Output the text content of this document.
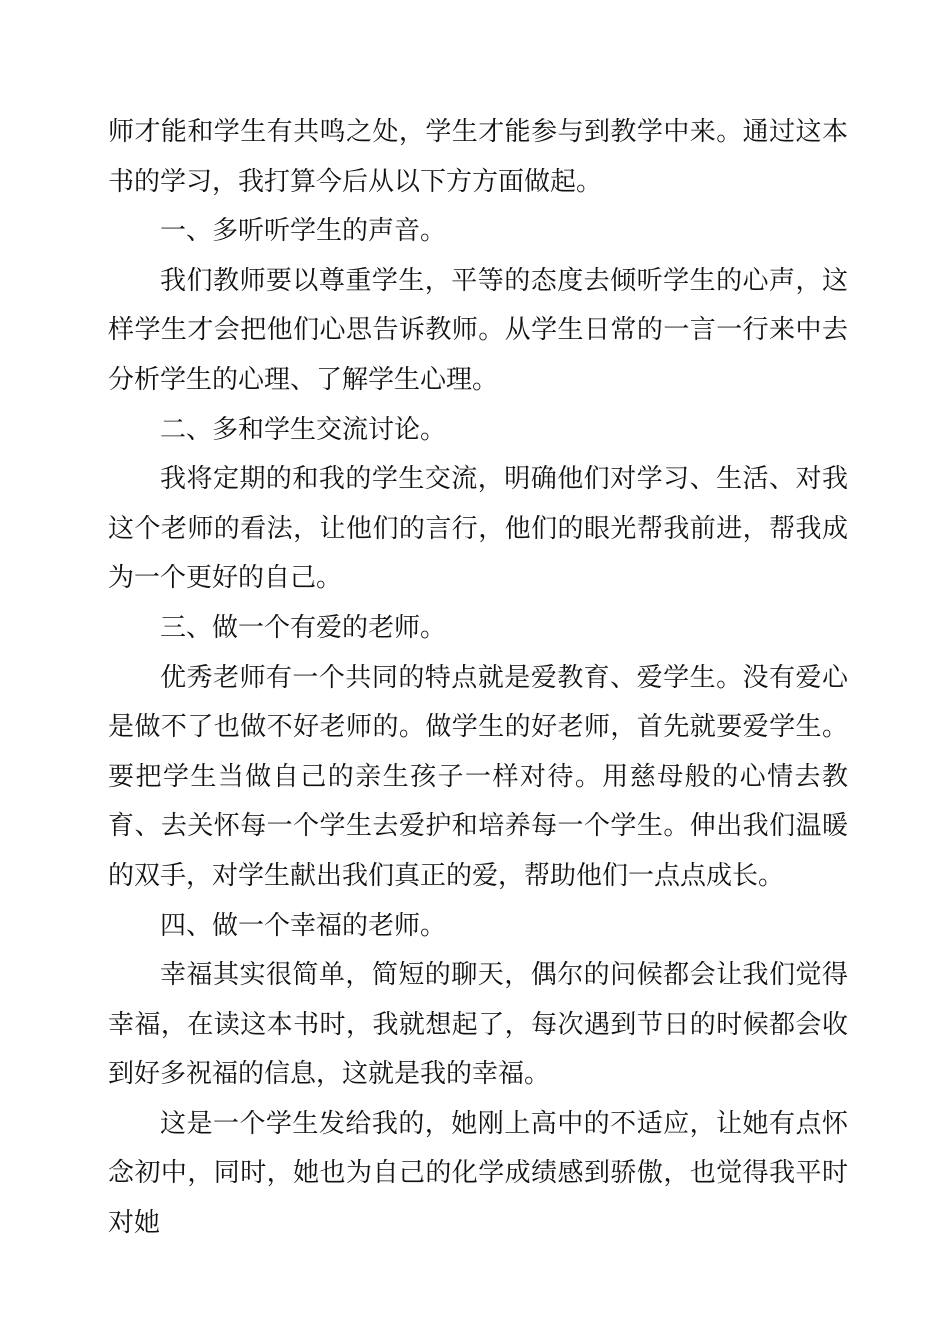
师才能和学生有共鸣之处，学生才能参与到教学中来。通过这本书的学习，我打算今后从以下方方面做起。

一、多听听学生的声音。

我们教师要以尊重学生，平等的态度去倾听学生的心声，这样学生才会把他们心思告诉教师。从学生日常的一言一行来中去分析学生的心理、了解学生心理。

二、多和学生交流讨论。

我将定期的和我的学生交流，明确他们对学习、生活、对我这个老师的看法，让他们的言行，他们的眼光帮我前进，帮我成为一个更好的自己。

三、做一个有爱的老师。

优秀老师有一个共同的特点就是爱教育、爱学生。没有爱心是做不了也做不好老师的。做学生的好老师，首先就要爱学生。要把学生当做自己的亲生孩子一样对待。用慈母般的心情去教育、去关怀每一个学生去爱护和培养每一个学生。伸出我们温暖的双手，对学生献出我们真正的爱，帮助他们一点点成长。

四、做一个幸福的老师。

幸福其实很简单，简短的聊天，偶尔的问候都会让我们觉得幸福，在读这本书时，我就想起了，每次遇到节日的时候都会收到好多祝福的信息，这就是我的幸福。

这是一个学生发给我的，她刚上高中的不适应，让她有点怀念初中，同时，她也为自己的化学成绩感到骄傲，也觉得我平时对她
